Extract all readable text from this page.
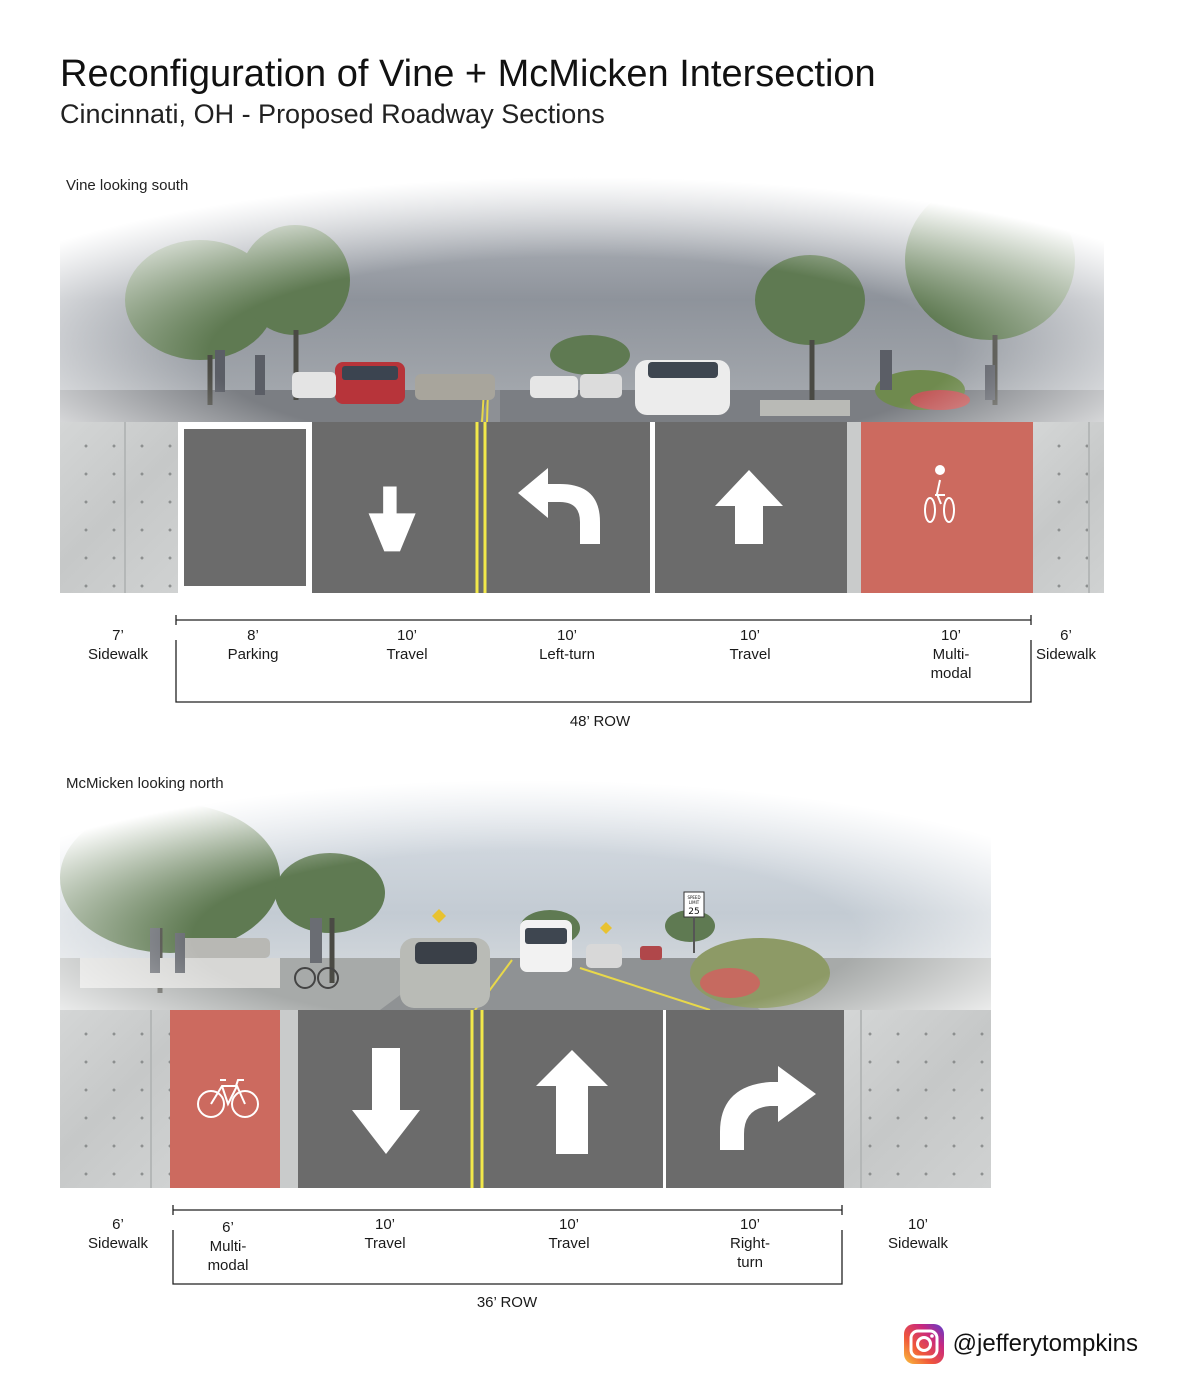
Reconfiguration of Vine + McMicken Intersection
Cincinnati, OH - Proposed Roadway Sections
Vine looking south
7’
Sidewalk
8’
Parking
10’
Travel
10’
Left-turn
10’
Travel
10’
Multi-
modal
6’
Sidewalk
48’ ROW
McMicken looking north
6’
Sidewalk
6’
Multi-
modal
10’
Travel
10’
Travel
10’
Right-
turn
10’
Sidewalk
36’ ROW
@jefferytompkins
